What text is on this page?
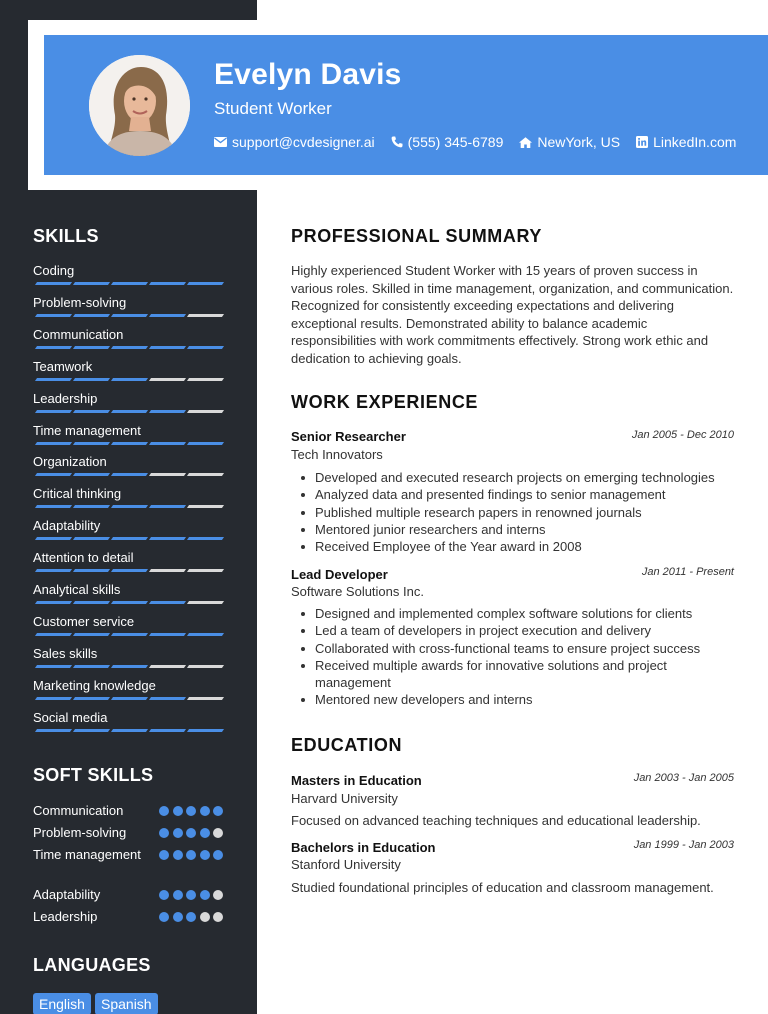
Evelyn Davis
Student Worker
support@cvdesigner.ai (555) 345-6789 NewYork, US LinkedIn.com
SKILLS
Coding
Problem-solving
Communication
Teamwork
Leadership
Time management
Organization
Critical thinking
Adaptability
Attention to detail
Analytical skills
Customer service
Sales skills
Marketing knowledge
Social media
SOFT SKILLS
Communication
Problem-solving
Time management
Adaptability
Leadership
LANGUAGES
English	Spanish
PROFESSIONAL SUMMARY
Highly experienced Student Worker with 15 years of proven success in various roles. Skilled in time management, organization, and communication. Recognized for consistently exceeding expectations and delivering exceptional results. Demonstrated ability to balance academic responsibilities with work commitments effectively. Strong work ethic and dedication to achieving goals.
WORK EXPERIENCE
Senior Researcher	Jan 2005 - Dec 2010
Tech Innovators
Developed and executed research projects on emerging technologies
Analyzed data and presented findings to senior management
Published multiple research papers in renowned journals
Mentored junior researchers and interns
Received Employee of the Year award in 2008
Lead Developer	Jan 2011 - Present
Software Solutions Inc.
Designed and implemented complex software solutions for clients
Led a team of developers in project execution and delivery
Collaborated with cross-functional teams to ensure project success
Received multiple awards for innovative solutions and project management
Mentored new developers and interns
EDUCATION
Masters in Education	Jan 2003 - Jan 2005
Harvard University
Focused on advanced teaching techniques and educational leadership.
Bachelors in Education	Jan 1999 - Jan 2003
Stanford University
Studied foundational principles of education and classroom management.
